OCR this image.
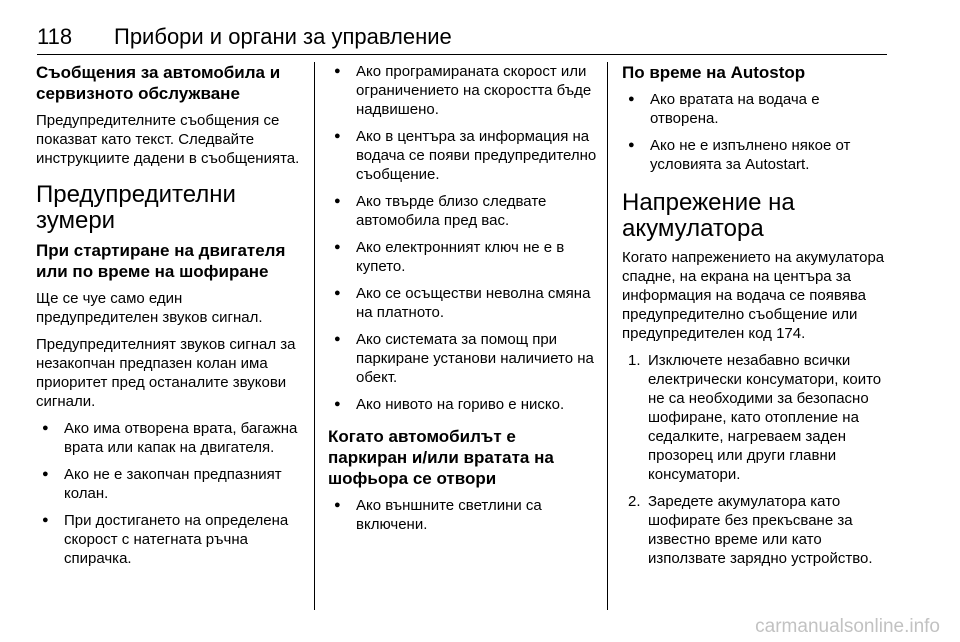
118 Прибори и органи за управление
Съобщения за автомобила и сервизното обслужване

Предупредителните съобщения се показват като текст. Следвайте инструкциите дадени в съобщенията.

Предупредителни зумери
При стартиране на двигателя или по време на шофиране

Ще се чуе само един предупредителен звуков сигнал.

Предупредителният звуков сигнал за незакопчан предпазен колан има приоритет пред останалите звукови сигнали.

● Ако има отворена врата, багажна врата или капак на двигателя.
● Ако не е закопчан предпазният колан.
● При достигането на определена скорост с натегната ръчна спирачка.
● Ако програмираната скорост или ограничението на скоростта бъде надвишено.
● Ако в центъра за информация на водача се появи предупредително съобщение.
● Ако твърде близо следвате автомобила пред вас.
● Ако електронният ключ не е в купето.
● Ако се осъществи неволна смяна на платното.
● Ако системата за помощ при паркиране установи наличието на обект.
● Ако нивото на гориво е ниско.
Когато автомобилът е паркиран и/или вратата на шофьора се отвори
● Ако външните светлини са включени.
По време на Autostop
● Ако вратата на водача е отворена.
● Ако не е изпълнено някое от условията за Autostart.
Напрежение на акумулатора

Когато напрежението на акумулатора спадне, на екрана на центъра за информация на водача се появява предупредително съобщение или предупредителен код 174.

1. Изключете незабавно всички електрически консуматори, които не са необходими за безопасно шофиране, като отопление на седалките, нагреваем заден прозорец или други главни консуматори.
2. Заредете акумулатора като шофирате без прекъсване за известно време или като използвате зарядно устройство.
carmanualsonline.info
